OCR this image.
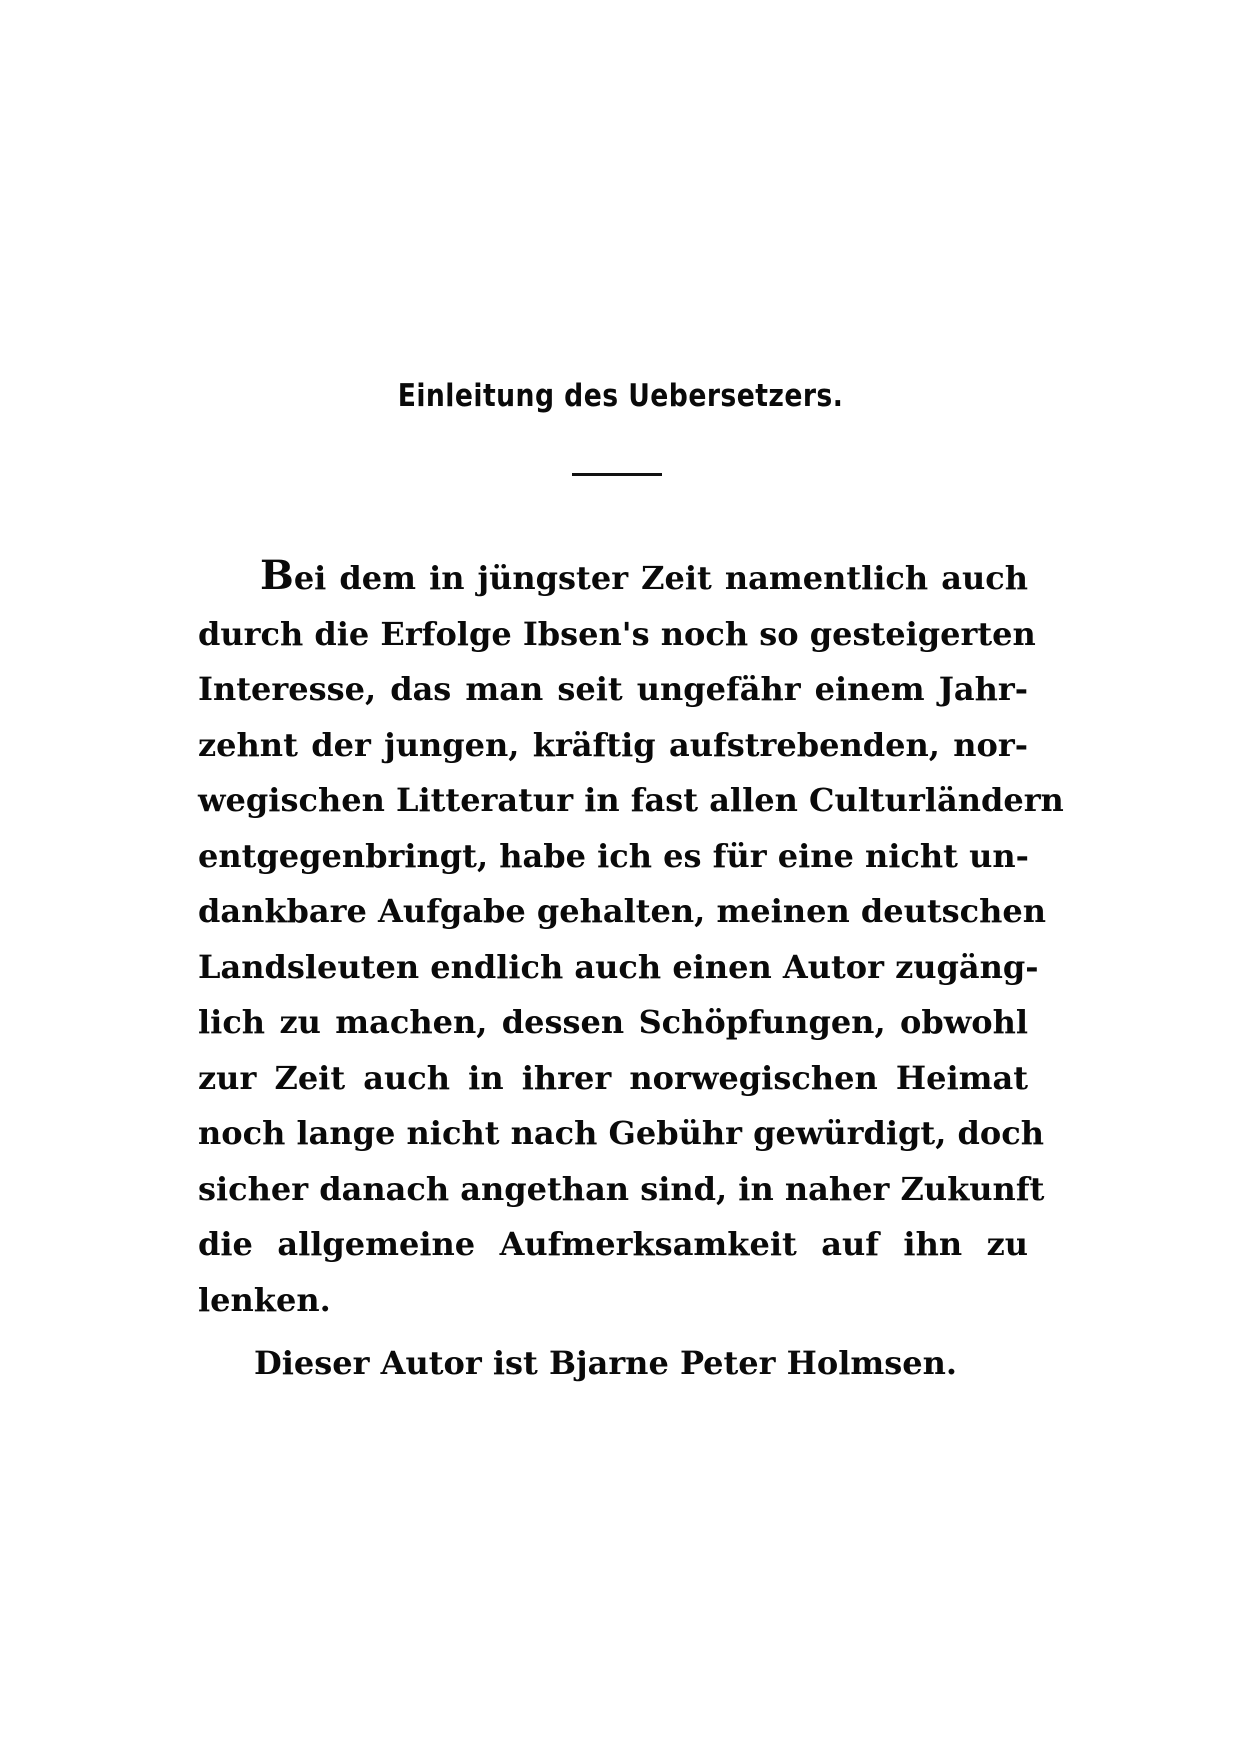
Einleitung des Uebersetzers.
Bei dem in jüngster Zeit namentlich auch
durch die Erfolge Ibsen's noch so gesteigerten
Interesse, das man seit ungefähr einem Jahr-
zehnt der jungen, kräftig aufstrebenden, nor-
wegischen Litteratur in fast allen Culturländern
entgegenbringt, habe ich es für eine nicht un-
dankbare Aufgabe gehalten, meinen deutschen
Landsleuten endlich auch einen Autor zugäng-
lich zu machen, dessen Schöpfungen, obwohl
zur Zeit auch in ihrer norwegischen Heimat
noch lange nicht nach Gebühr gewürdigt, doch
sicher danach angethan sind, in naher Zukunft
die allgemeine Aufmerksamkeit auf ihn zu
lenken.
Dieser Autor ist Bjarne Peter Holmsen.
